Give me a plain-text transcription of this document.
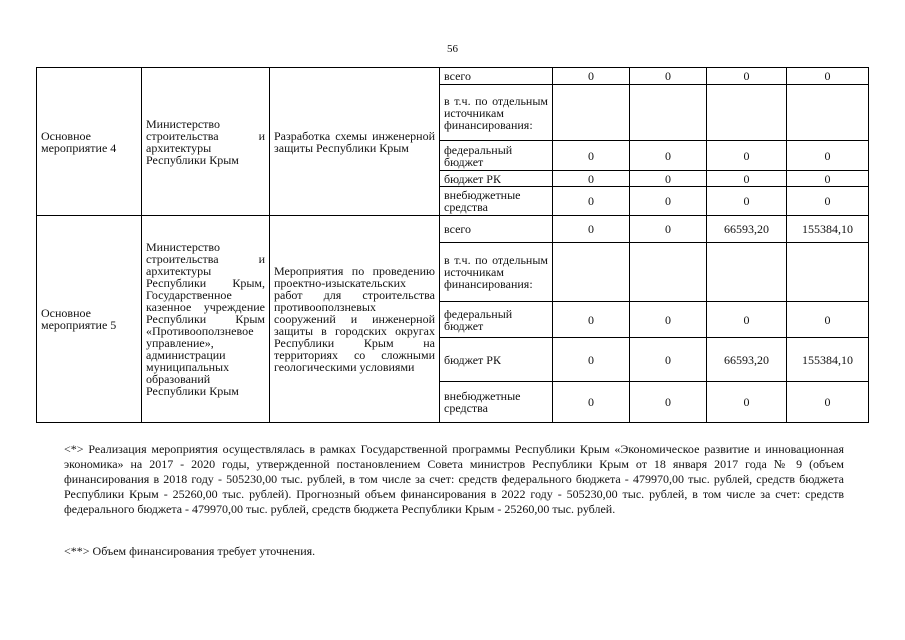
56
Основное мероприятие 4	Министерство строительства и архитектуры Республики Крым	Разработка схемы инженерной защиты Республики Крым	всего	0	0	0	0
			в т.ч. по отдельным источникам финансирования:				
			федеральный бюджет	0	0	0	0
			бюджет РК	0	0	0	0
			внебюджетные средства	0	0	0	0
Основное мероприятие 5	Министерство строительства и архитектуры Республики Крым, Государственное казенное учреждение Республики Крым «Противооползневое управление», администрации муниципальных образований Республики Крым	Мероприятия по проведению проектно-изыскательских работ для строительства противооползневых сооружений и инженерной защиты в городских округах Республики Крым на территориях со сложными геологическими условиями	всего	0	0	66593,20	155384,10
			в т.ч. по отдельным источникам финансирования:				
			федеральный бюджет	0	0	0	0
			бюджет РК	0	0	66593,20	155384,10
			внебюджетные средства	0	0	0	0
<*> Реализация мероприятия осуществлялась в рамках Государственной программы Республики Крым «Экономическое развитие и инновационная экономика» на 2017 - 2020 годы, утвержденной постановлением Совета министров Республики Крым от 18 января 2017 года № 9 (объем финансирования в 2018 году - 505230,00 тыс. рублей, в том числе за счет: средств федерального бюджета - 479970,00 тыс. рублей, средств бюджета Республики Крым - 25260,00 тыс. рублей). Прогнозный объем финансирования в 2022 году - 505230,00 тыс. рублей, в том числе за счет: средств федерального бюджета - 479970,00 тыс. рублей, средств бюджета Республики Крым - 25260,00 тыс. рублей.
<**> Объем финансирования требует уточнения.
